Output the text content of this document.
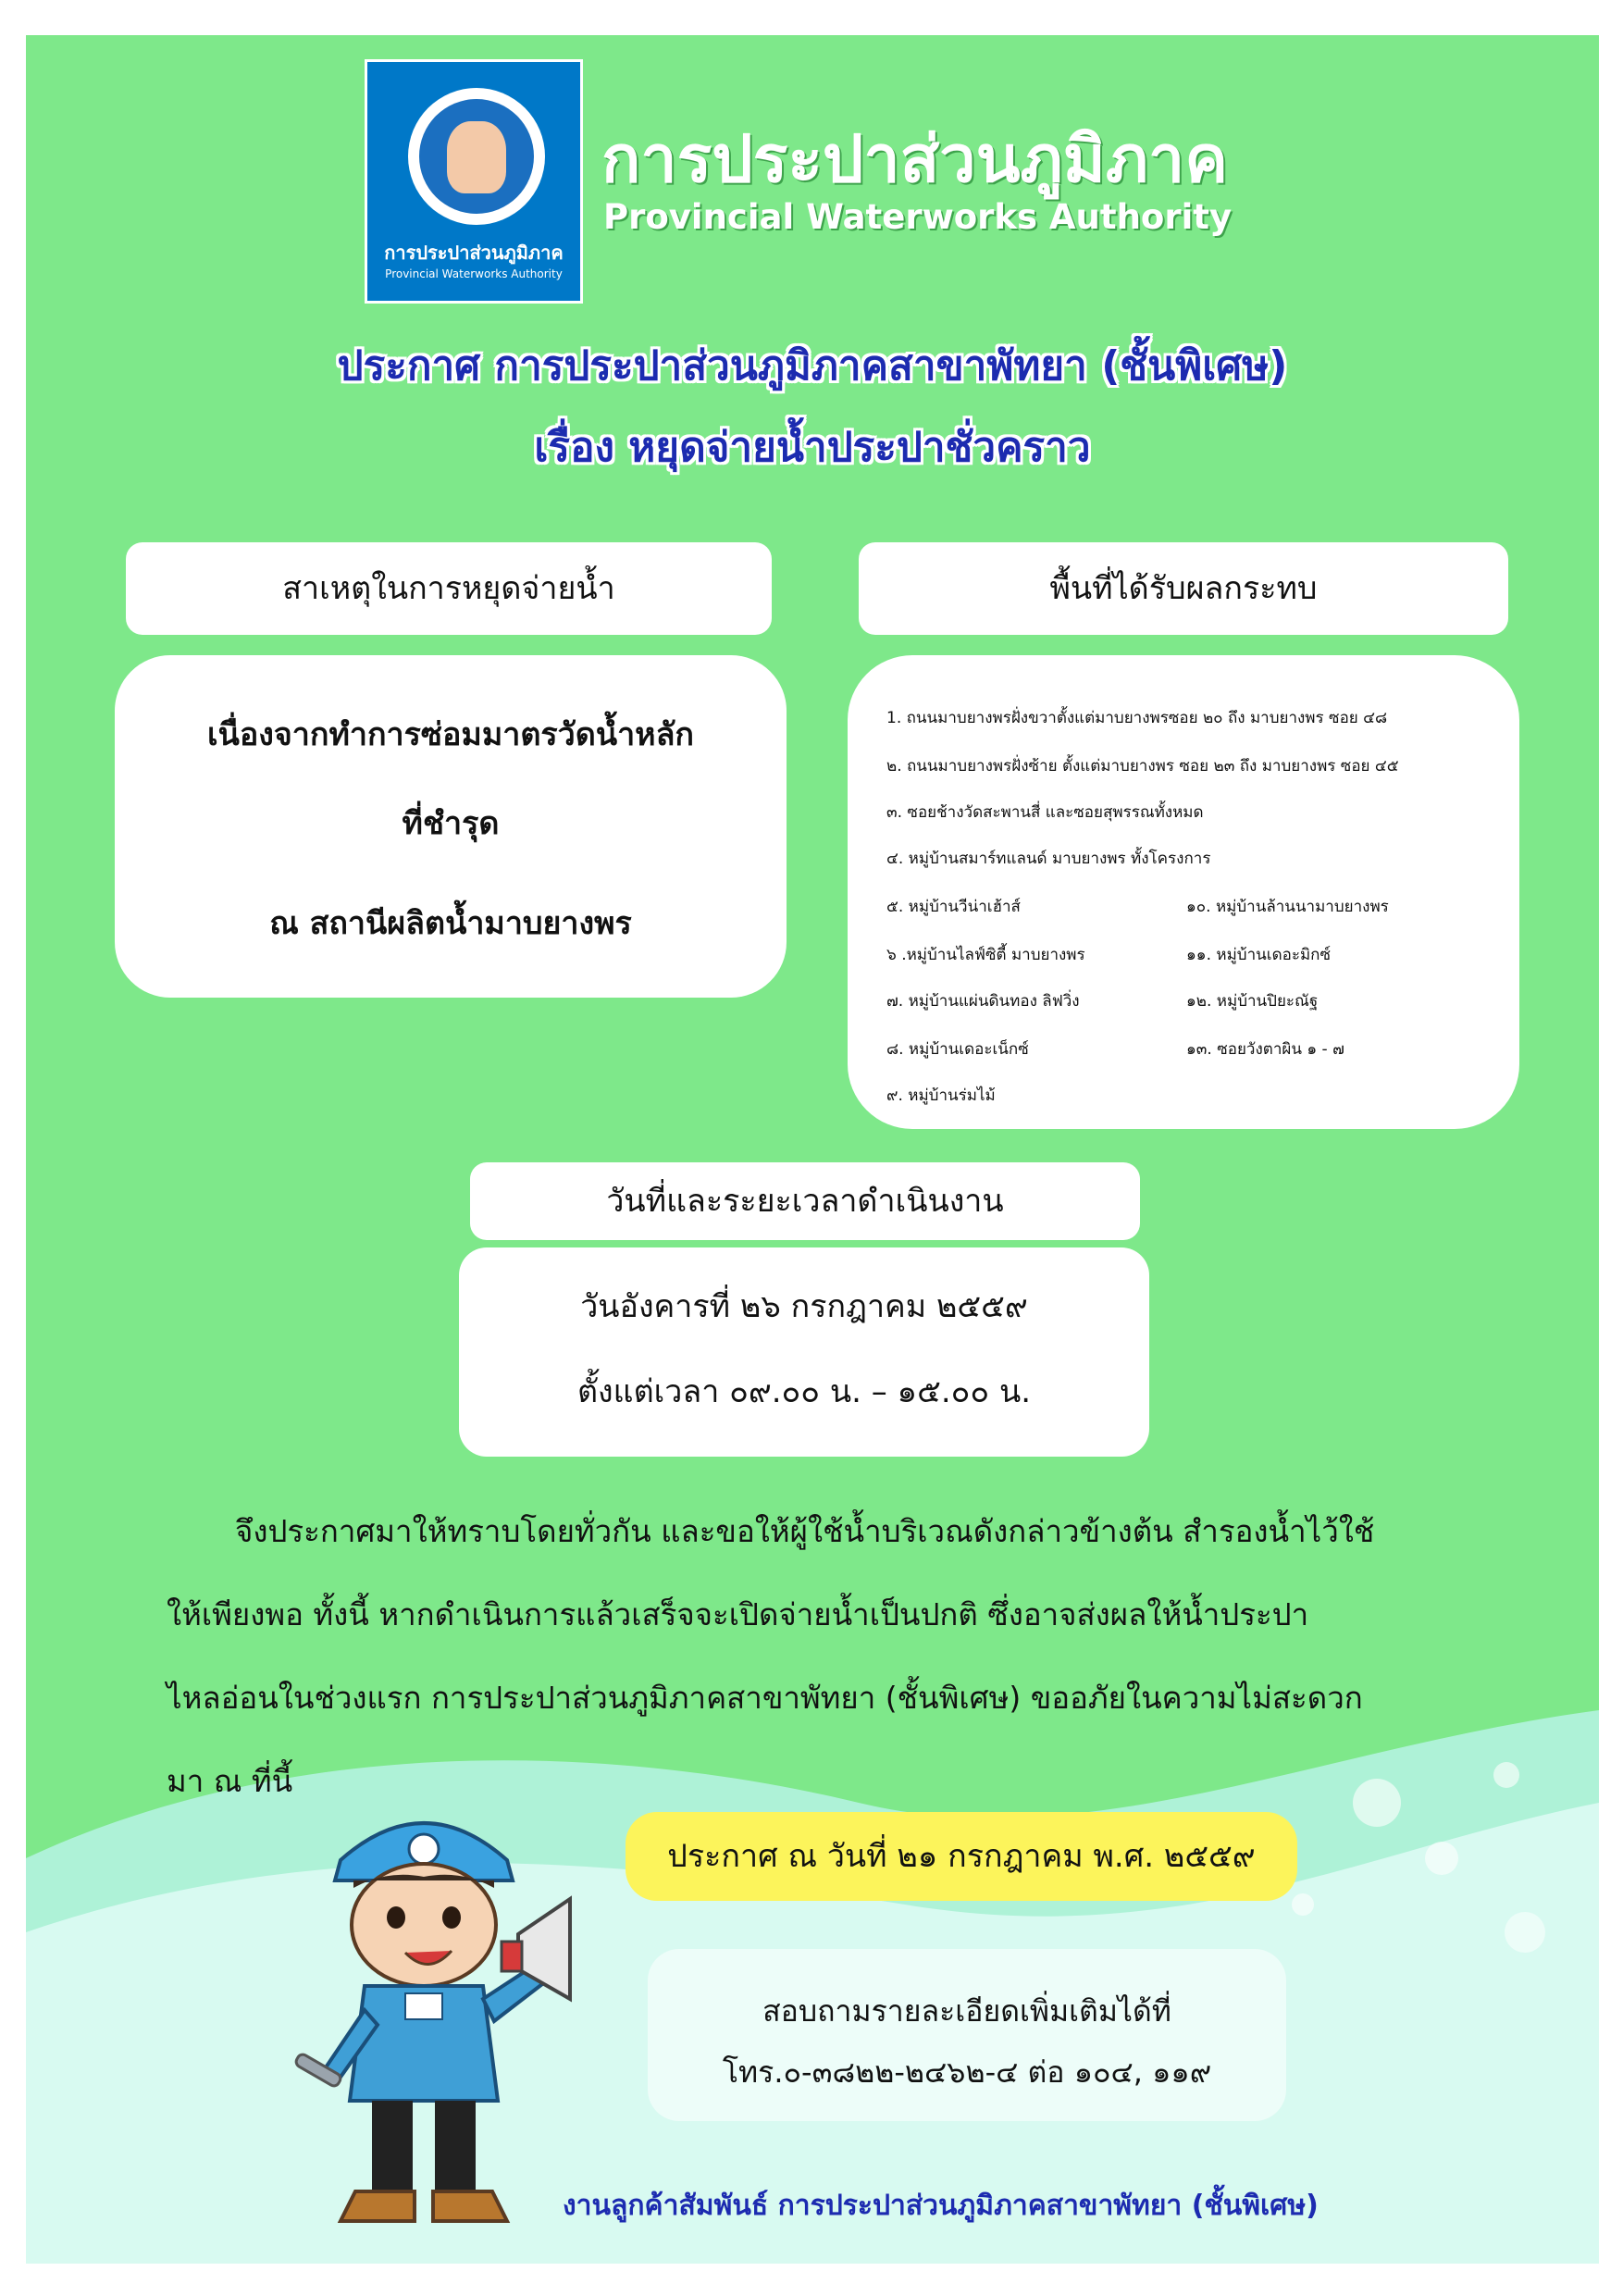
การประปาส่วนภูมิภาค
Provincial Waterworks Authority
การประปาส่วนภูมิภาค
Provincial Waterworks Authority
ประกาศ การประปาส่วนภูมิภาคสาขาพัทยา (ชั้นพิเศษ)
เรื่อง หยุดจ่ายน้ำประปาชั่วคราว
สาเหตุในการหยุดจ่ายน้ำ
เนื่องจากทำการซ่อมมาตรวัดน้ำหลัก
ที่ชำรุด
ณ สถานีผลิตน้ำมาบยางพร
พื้นที่ได้รับผลกระทบ
1. ถนนมาบยางพรฝั่งขวาตั้งแต่มาบยางพรซอย ๒๐ ถึง มาบยางพร ซอย ๔๘
๒. ถนนมาบยางพรฝั่งซ้าย ตั้งแต่มาบยางพร ซอย ๒๓ ถึง มาบยางพร ซอย ๔๕
๓. ซอยช้างวัดสะพานสี่ และซอยสุพรรณทั้งหมด
๔. หมู่บ้านสมาร์ทแลนด์ มาบยางพร ทั้งโครงการ
๕. หมู่บ้านวีน่าเฮ้าส์
๖ .หมู่บ้านไลฟ์ซิตี้ มาบยางพร
๗. หมู่บ้านแผ่นดินทอง ลิฟวิ่ง
๘. หมู่บ้านเดอะเน็กซ์
๙. หมู่บ้านร่มไม้
๑๐. หมู่บ้านล้านนามาบยางพร
๑๑. หมู่บ้านเดอะมิกซ์
๑๒. หมู่บ้านปิยะณัฐ
๑๓. ซอยวังตาผิน ๑ - ๗
วันที่และระยะเวลาดำเนินงาน
วันอังคารที่ ๒๖ กรกฎาคม ๒๕๕๙
ตั้งแต่เวลา ๐๙.๐๐ น. – ๑๕.๐๐ น.
จึงประกาศมาให้ทราบโดยทั่วกัน และขอให้ผู้ใช้น้ำบริเวณดังกล่าวข้างต้น สำรองน้ำไว้ใช้
ให้เพียงพอ ทั้งนี้ หากดำเนินการแล้วเสร็จจะเปิดจ่ายน้ำเป็นปกติ ซึ่งอาจส่งผลให้น้ำประปา
ไหลอ่อนในช่วงแรก การประปาส่วนภูมิภาคสาขาพัทยา (ชั้นพิเศษ) ขออภัยในความไม่สะดวก
มา ณ ที่นี้
ประกาศ ณ วันที่ ๒๑ กรกฎาคม พ.ศ. ๒๕๕๙
สอบถามรายละเอียดเพิ่มเติมได้ที่
โทร.๐-๓๘๒๒-๒๔๖๒-๔ ต่อ ๑๐๔, ๑๑๙
งานลูกค้าสัมพันธ์ การประปาส่วนภูมิภาคสาขาพัทยา (ชั้นพิเศษ)
